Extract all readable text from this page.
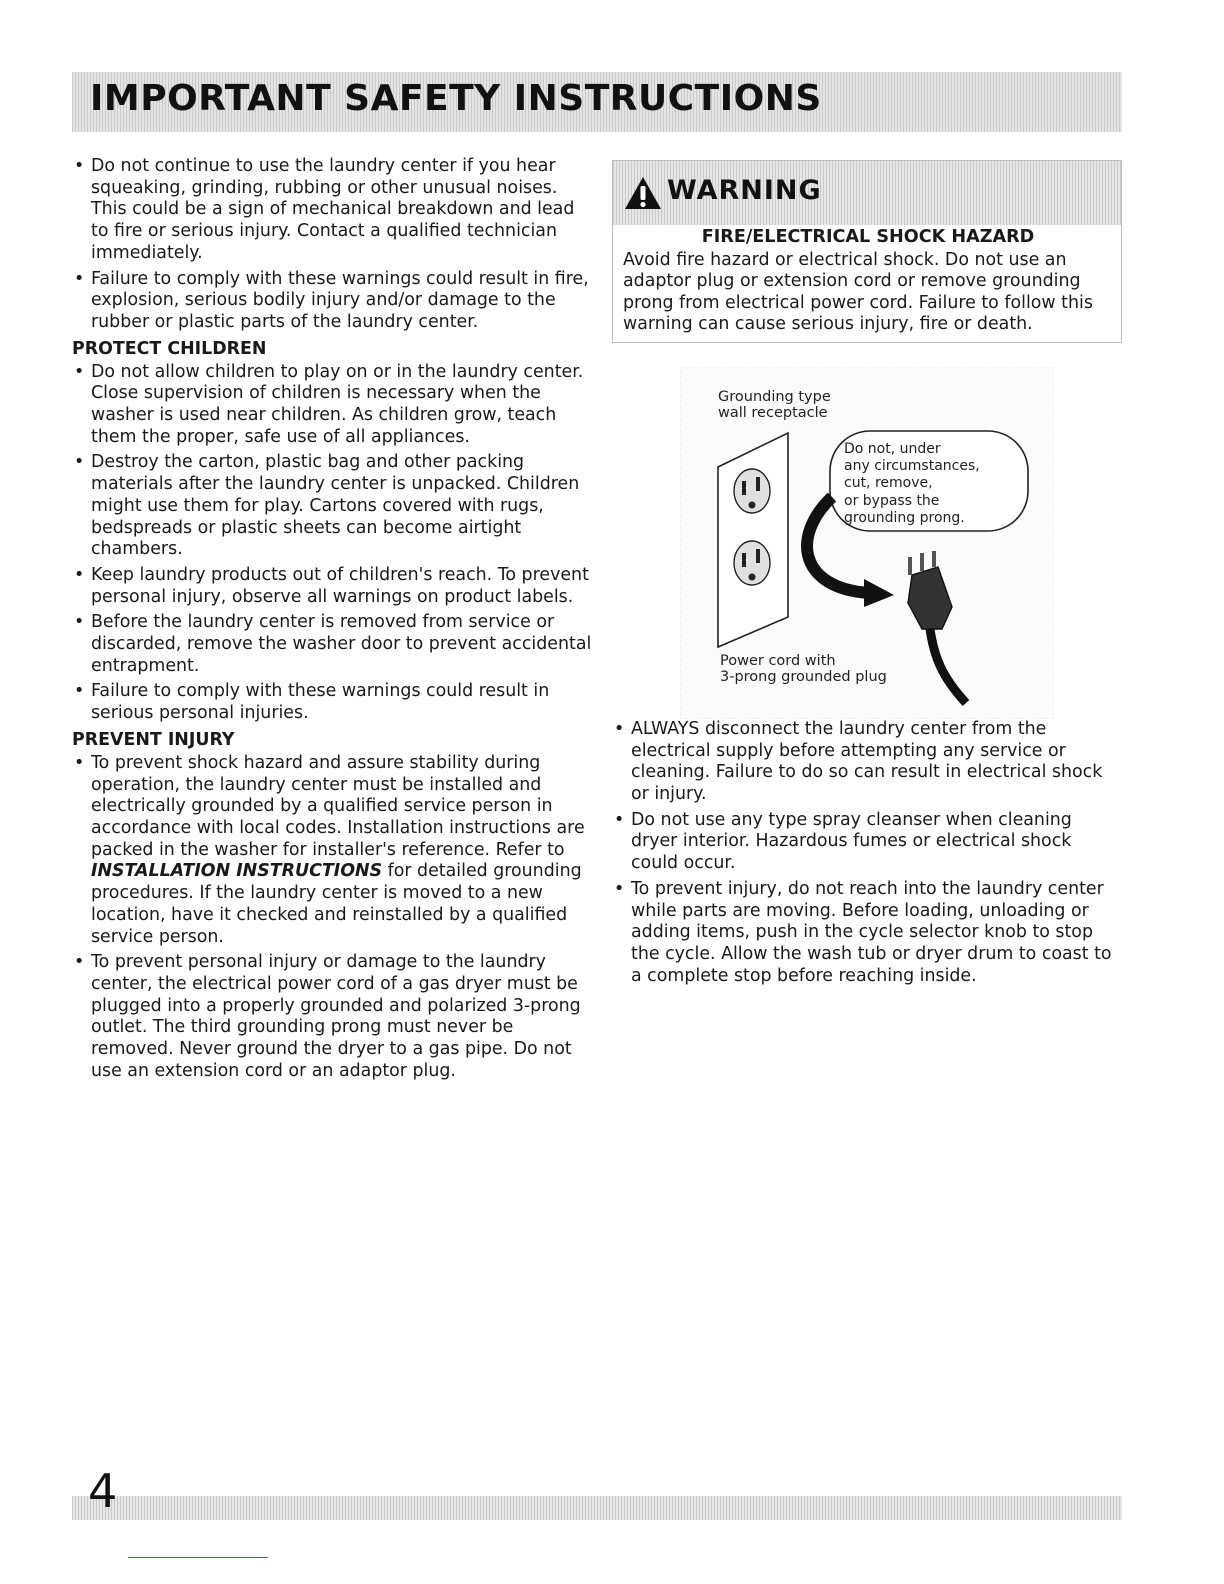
IMPORTANT SAFETY INSTRUCTIONS
• Do not continue to use the laundry center if you hear squeaking, grinding, rubbing or other unusual noises. This could be a sign of mechanical breakdown and lead to fire or serious injury. Contact a qualified technician immediately.
• Failure to comply with these warnings could result in fire, explosion, serious bodily injury and/or damage to the rubber or plastic parts of the laundry center.
PROTECT CHILDREN
• Do not allow children to play on or in the laundry center. Close supervision of children is necessary when the washer is used near children. As children grow, teach them the proper, safe use of all appliances.
• Destroy the carton, plastic bag and other packing materials after the laundry center is unpacked. Children might use them for play. Cartons covered with rugs, bedspreads or plastic sheets can become airtight chambers.
• Keep laundry products out of children's reach. To prevent personal injury, observe all warnings on product labels.
• Before the laundry center is removed from service or discarded, remove the washer door to prevent accidental entrapment.
• Failure to comply with these warnings could result in serious personal injuries.
PREVENT INJURY
• To prevent shock hazard and assure stability during operation, the laundry center must be installed and electrically grounded by a qualified service person in accordance with local codes. Installation instructions are packed in the washer for installer's reference. Refer to INSTALLATION INSTRUCTIONS for detailed grounding procedures. If the laundry center is moved to a new location, have it checked and reinstalled by a qualified service person.
• To prevent personal injury or damage to the laundry center, the electrical power cord of a gas dryer must be plugged into a properly grounded and polarized 3-prong outlet. The third grounding prong must never be removed. Never ground the dryer to a gas pipe. Do not use an extension cord or an adaptor plug.
WARNING
FIRE/ELECTRICAL SHOCK HAZARD
Avoid fire hazard or electrical shock. Do not use an adaptor plug or extension cord or remove grounding prong from electrical power cord. Failure to follow this warning can cause serious injury, fire or death.
Grounding type
wall receptacle
Do not, under
any circumstances,
cut, remove,
or bypass the
grounding prong.
Power cord with
3-prong grounded plug
• ALWAYS disconnect the laundry center from the electrical supply before attempting any service or cleaning. Failure to do so can result in electrical shock or injury.
• Do not use any type spray cleanser when cleaning dryer interior. Hazardous fumes or electrical shock could occur.
• To prevent injury, do not reach into the laundry center while parts are moving. Before loading, unloading or adding items, push in the cycle selector knob to stop the cycle. Allow the wash tub or dryer drum to coast to a complete stop before reaching inside.
4
